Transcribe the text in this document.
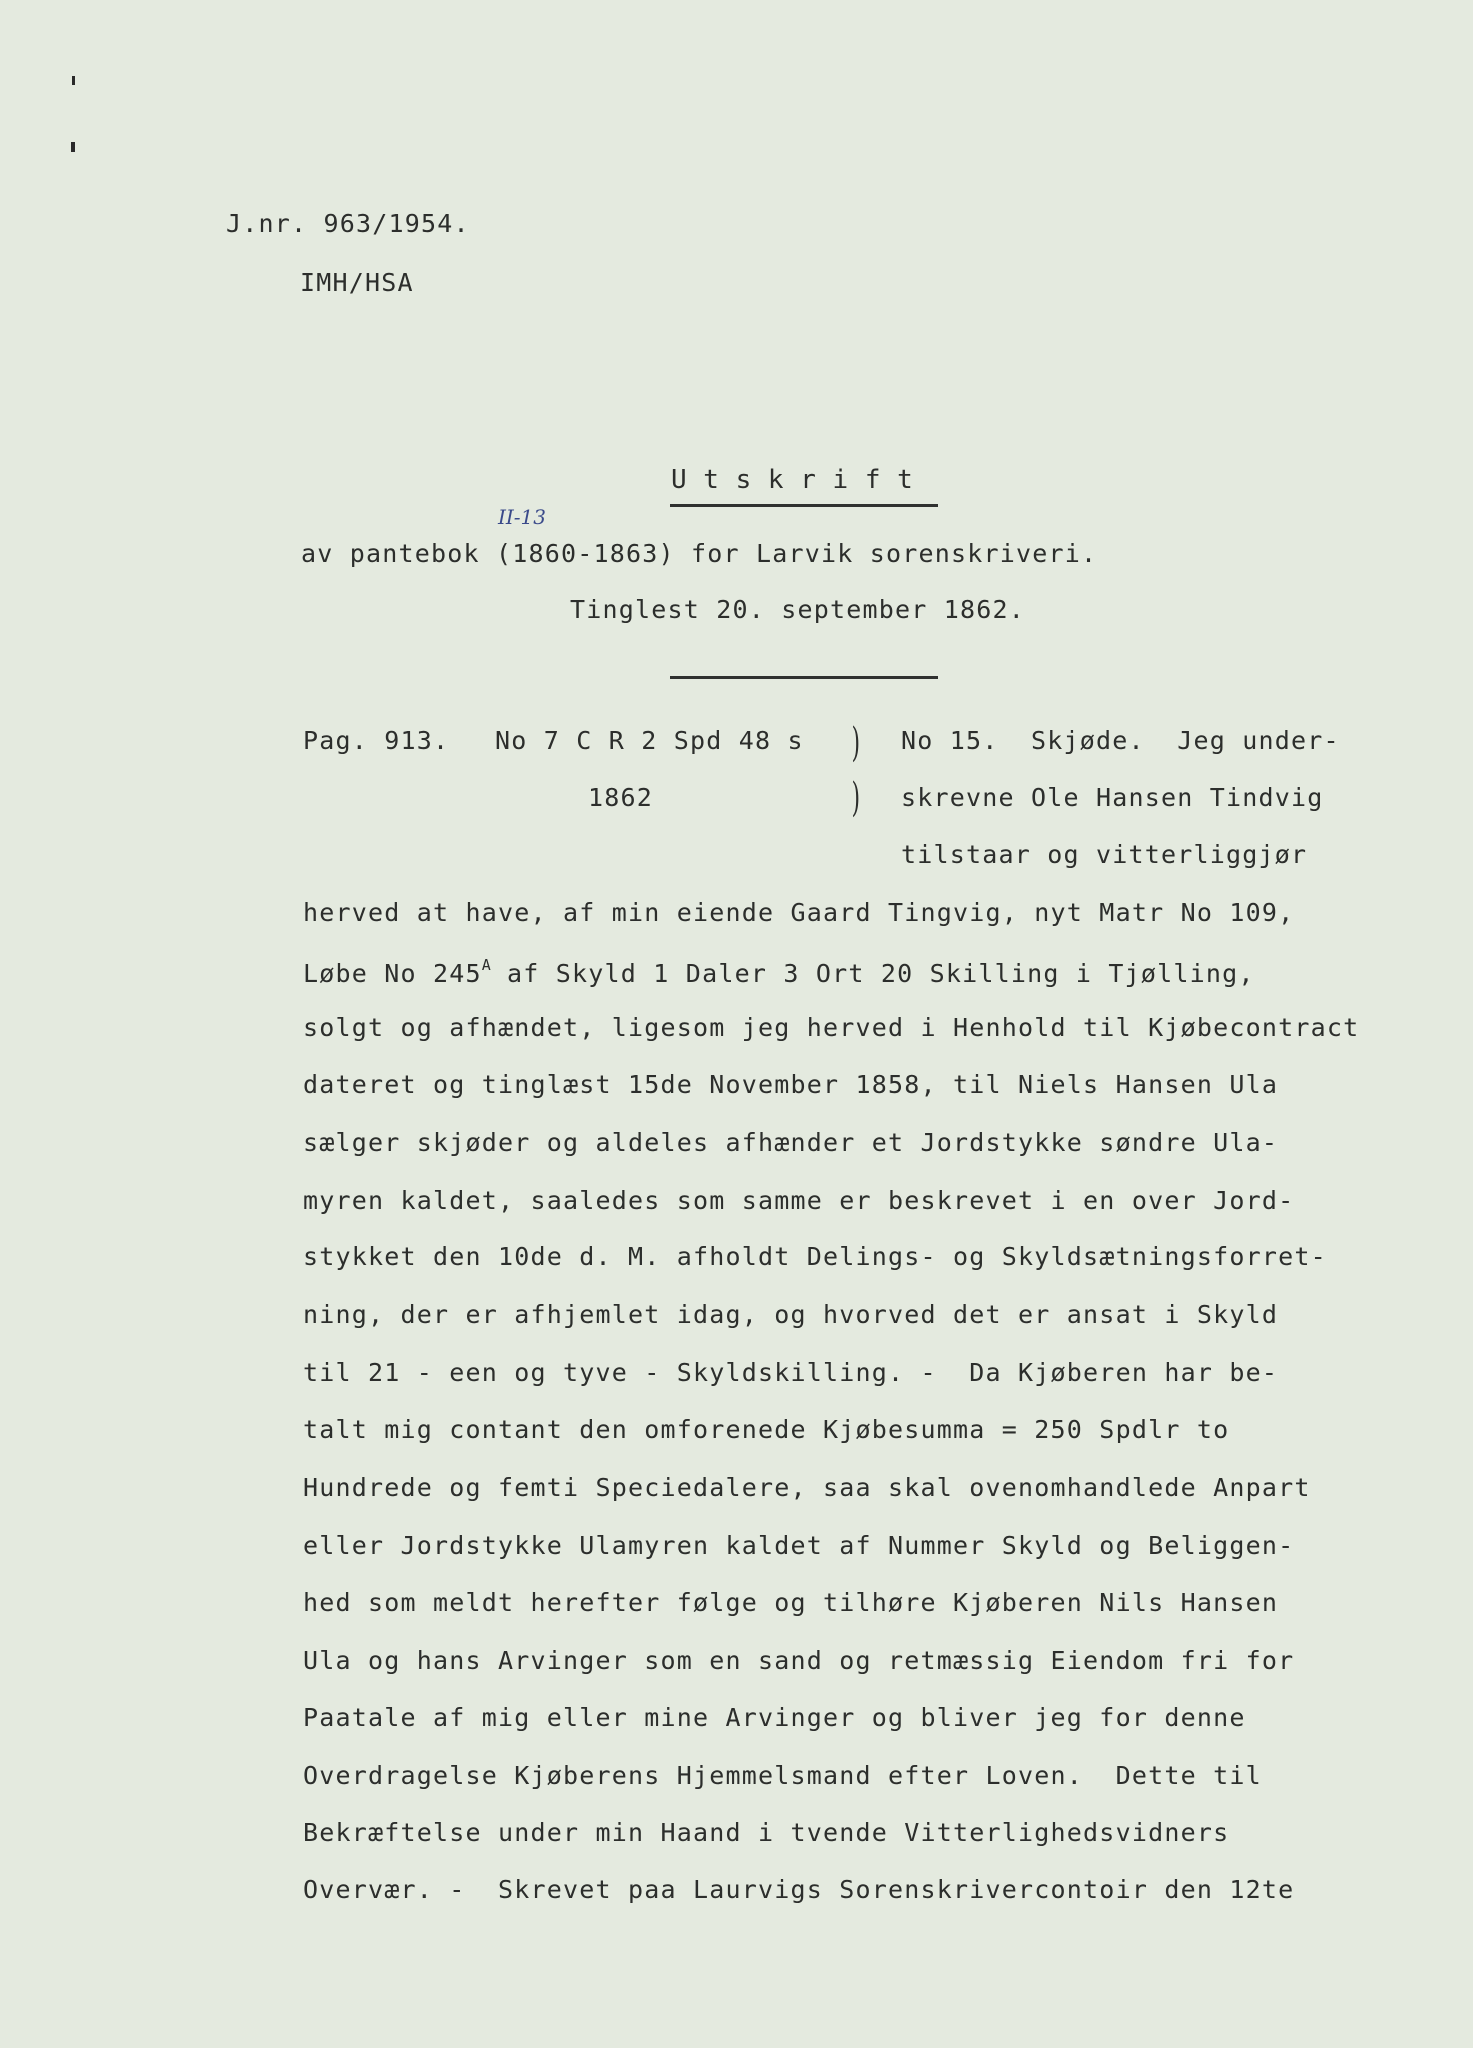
J.nr. 963/1954.
IMH/HSA
II-13
U t s k r i f t
av pantebok (1860-1863) for Larvik sorenskriveri.
Tinglest 20. september 1862.
Pag. 913. No 7 C R 2 Spd 48 s
1862
)
)
No 15.  Skjøde.  Jeg under-
skrevne Ole Hansen Tindvig
tilstaar og vitterliggjør
herved at have, af min eiende Gaard Tingvig, nyt Matr No 109,
Løbe No $245^A$ af Skyld 1 Daler 3 Ort 20 Skilling i Tjølling,
solgt og afhændet, ligesom jeg herved i Henhold til Kjøbecontract
dateret og tinglæst 15de November 1858, til Niels Hansen Ula
sælger skjøder og aldeles afhænder et Jordstykke søndre Ula-
myren kaldet, saaledes som samme er beskrevet i en over Jord-
stykket den 10de d. M. afholdt Delings- og Skyldsætningsforret-
ning, der er afhjemlet idag, og hvorved det er ansat i Skyld
til 21 - een og tyve - Skyldskilling. -  Da Kjøberen har be-
talt mig contant den omforenede Kjøbesumma = 250 Spdlr to
Hundrede og femti Speciedalere, saa skal ovenomhandlede Anpart
eller Jordstykke Ulamyren kaldet af Nummer Skyld og Beliggen-
hed som meldt herefter følge og tilhøre Kjøberen Nils Hansen
Ula og hans Arvinger som en sand og retmæssig Eiendom fri for
Paatale af mig eller mine Arvinger og bliver jeg for denne
Overdragelse Kjøberens Hjemmelsmand efter Loven.  Dette til
Bekræftelse under min Haand i tvende Vitterlighedsvidners
Overvær. -  Skrevet paa Laurvigs Sorenskrivercontoir den 12te
